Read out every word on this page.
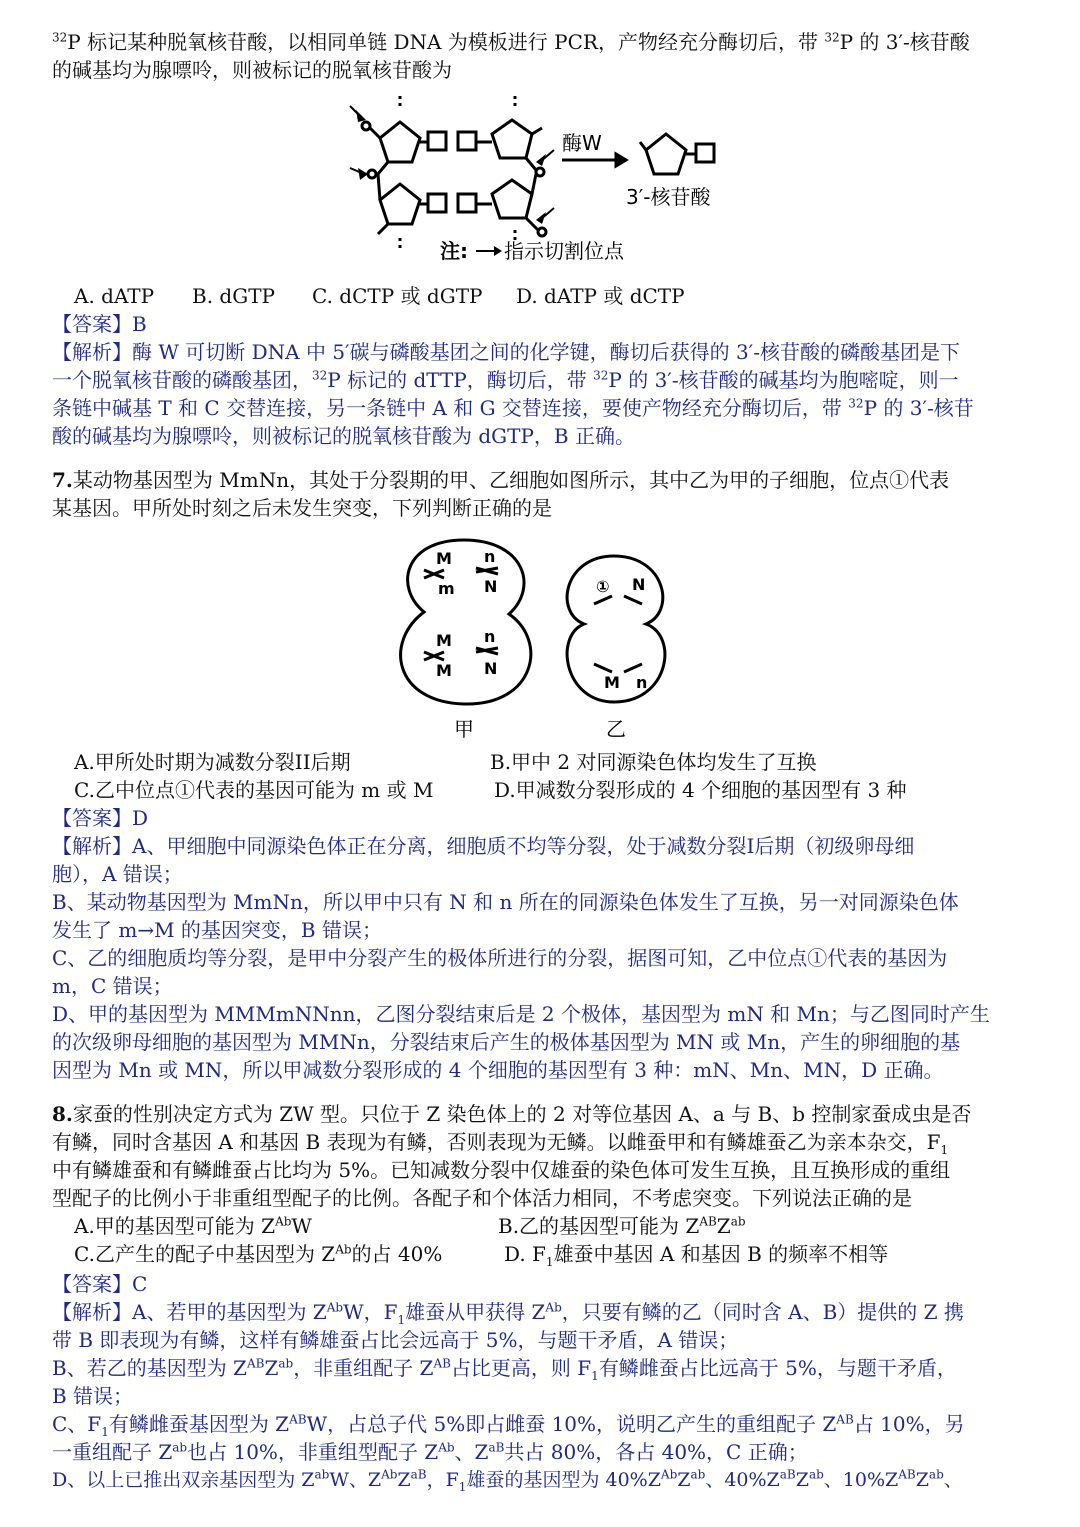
$^{32}$P 标记某种脱氧核苷酸，以相同单链 DNA 为模板进行 PCR，产物经充分酶切后，带 $^{32}$P 的 3′-核苷酸
的碱基均为腺嘌呤，则被标记的脱氧核苷酸为
酶W
3′-核苷酸
注: 指示切割位点
A. dATP B. dGTP C. dCTP 或 dGTP D. dATP 或 dCTP
【答案】B
【解析】酶 W 可切断 DNA 中 5′碳与磷酸基团之间的化学键，酶切后获得的 3′-核苷酸的磷酸基团是下
一个脱氧核苷酸的磷酸基团，$^{32}$P 标记的 dTTP，酶切后，带 $^{32}$P 的 3′-核苷酸的碱基均为胞嘧啶，则一
条链中碱基 T 和 C 交替连接，另一条链中 A 和 G 交替连接，要使产物经充分酶切后，带 $^{32}$P 的 3′-核苷
酸的碱基均为腺嘌呤，则被标记的脱氧核苷酸为 dGTP，B 正确。
7.某动物基因型为 MmNn，其处于分裂期的甲、乙细胞如图所示，其中乙为甲的子细胞，位点①代表
某基因。甲所处时刻之后未发生突变，下列判断正确的是
M
m
n
N
M
M
n
N
① N
M n
甲	乙
A.甲所处时期为减数分裂II后期	B.甲中 2 对同源染色体均发生了互换
C.乙中位点①代表的基因可能为 m 或 M	D.甲减数分裂形成的 4 个细胞的基因型有 3 种
【答案】D
【解析】A、甲细胞中同源染色体正在分离，细胞质不均等分裂，处于减数分裂I后期（初级卵母细
胞），A 错误；
B、某动物基因型为 MmNn，所以甲中只有 N 和 n 所在的同源染色体发生了互换，另一对同源染色体
发生了 m→M 的基因突变，B 错误；
C、乙的细胞质均等分裂，是甲中分裂产生的极体所进行的分裂，据图可知，乙中位点①代表的基因为
m，C 错误；
D、甲的基因型为 MMMmNNnn，乙图分裂结束后是 2 个极体，基因型为 mN 和 Mn；与乙图同时产生
的次级卵母细胞的基因型为 MMNn，分裂结束后产生的极体基因型为 MN 或 Mn，产生的卵细胞的基
因型为 Mn 或 MN，所以甲减数分裂形成的 4 个细胞的基因型有 3 种：mN、Mn、MN，D 正确。
8.家蚕的性别决定方式为 ZW 型。只位于 Z 染色体上的 2 对等位基因 A、a 与 B、b 控制家蚕成虫是否
有鳞，同时含基因 A 和基因 B 表现为有鳞，否则表现为无鳞。以雌蚕甲和有鳞雄蚕乙为亲本杂交，$F_1$
中有鳞雄蚕和有鳞雌蚕占比均为 5%。已知减数分裂中仅雄蚕的染色体可发生互换，且互换形成的重组
型配子的比例小于非重组型配子的比例。各配子和个体活力相同，不考虑突变。下列说法正确的是
A.甲的基因型可能为 $Z^{Ab}W$	B.乙的基因型可能为 $Z^{AB}Z^{ab}$
C.乙产生的配子中基因型为 $Z^{Ab}$的占 40%	D. $F_1$雄蚕中基因 A 和基因 B 的频率不相等
【答案】C
【解析】A、若甲的基因型为 $Z^{Ab}W$，$F_1$雄蚕从甲获得 $Z^{Ab}$，只要有鳞的乙（同时含 A、B）提供的 Z 携
带 B 即表现为有鳞，这样有鳞雄蚕占比会远高于 5%，与题干矛盾，A 错误；
B、若乙的基因型为 $Z^{AB}Z^{ab}$，非重组配子 $Z^{AB}$占比更高，则 $F_1$有鳞雌蚕占比远高于 5%，与题干矛盾，
B 错误；
C、$F_1$有鳞雌蚕基因型为 $Z^{AB}W$，占总子代 5%即占雌蚕 10%，说明乙产生的重组配子 $Z^{AB}$占 10%，另
一重组配子 $Z^{ab}$也占 10%，非重组型配子 $Z^{Ab}$、$Z^{aB}$共占 80%，各占 40%，C 正确；
D、以上已推出双亲基因型为 $Z^{ab}W$、$Z^{Ab}Z^{aB}$，$F_1$雄蚕的基因型为 $40\%Z^{Ab}Z^{ab}$、$40\%Z^{aB}Z^{ab}$、$10\%Z^{AB}Z^{ab}$、
